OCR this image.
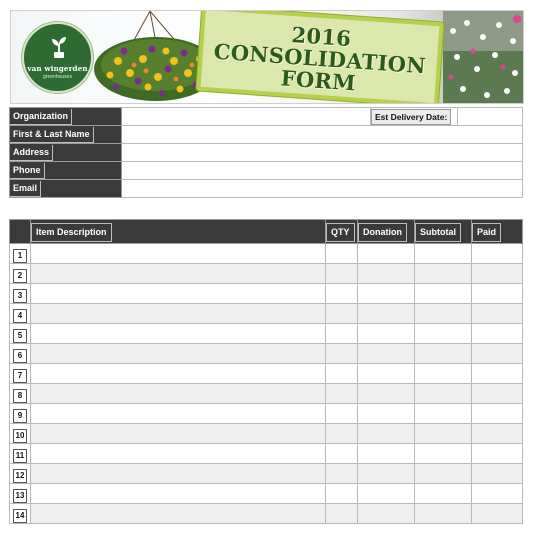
van wingerden
greenhouses
2016
CONSOLIDATION
FORM
Organization		Est Delivery Date:	
First & Last Name			
Address			
Phone			
Email			
	Item Description	QTY	Donation	Subtotal	Paid
1					
2					
3					
4					
5					
6					
7					
8					
9					
10					
11					
12					
13					
14					
